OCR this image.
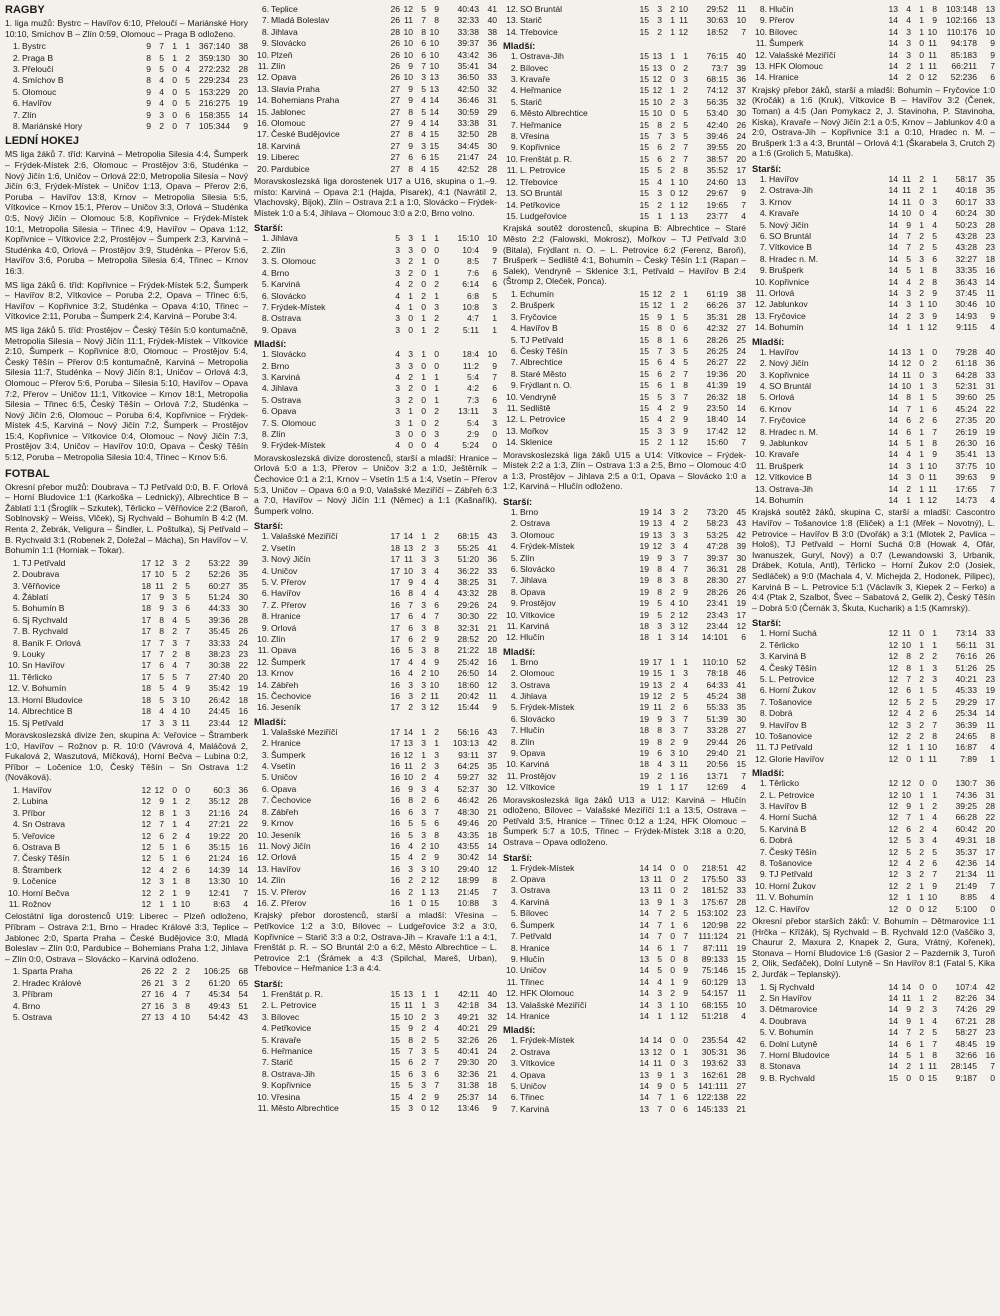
RAGBY
1. liga mužů: Bystrc – Havířov 6:10, Přeloučí – Mariánské Hory 10:10, Smíchov B – Zlín 0:59, Olomouc – Praga B odloženo.
1.	Bystrc	9	7	1	1	367:140	38
2.	Praga B	8	5	1	2	359:130	30
3.	Přeloučí	9	5	0	4	272:232	28
4.	Smíchov B	8	4	0	5	229:234	23
5.	Olomouc	9	4	0	5	153:229	20
6.	Havířov	9	4	0	5	216:275	19
7.	Zlín	9	3	0	6	158:355	14
8.	Mariánské Hory	9	2	0	7	105:344	9
LEDNÍ HOKEJ
MS liga žáků 7. tříd: Karviná – Metropolia Silesia 4:4, Šumperk – Frýdek-Místek 2:6, Olomouc – Prostějov 3:6, Studénka – Nový Jičín 1:6, Uničov – Orlová 22:0, Metropolia Silesia – Nový Jičín 6:3, Frýdek-Místek – Uničov 1:13, Opava – Přerov 2:6, Poruba – Havířov 13:8, Krnov – Metropolia Silesia 5:5, Vítkovice – Krnov 15:1, Přerov – Uničov 3:3, Orlová – Studénka 0:5, Nový Jičín – Olomouc 5:8, Kopřivnice – Frýdek-Místek 10:1, Metropolia Silesia – Třinec 4:9, Havířov – Opava 1:12, Kopřivnice – Vítkovice 2:2, Prostějov – Šumperk 2:3, Karviná – Studénka 4:0, Orlová – Prostějov 3:9, Studénka – Přerov 5:6, Havířov 3:6, Poruba – Metropolia Silesia 6:4, Třinec – Krnov 16:3.
MS liga žáků 6. tříd: Kopřivnice – Frýdek-Místek 5:2, Šumperk – Havířov 8:2, Vítkovice – Poruba 2:2, Opava – Třinec 6:5, Havířov – Kopřivnice 3:2, Studénka – Opava 4:10, Třinec – Vítkovice 2:11, Poruba – Šumperk 2:4, Karviná – Porube 3:4.
MS liga žáků 5. tříd: Prostějov – Český Těšín 5:0 kontumačně, Metropolia Silesia – Nový Jičín 11:1, Frýdek-Místek – Vítkovice 2:10, Šumperk – Kopřivnice 8:0, Olomouc – Prostějov 5:4, Český Těšín – Přerov 0:5 kontumačně, Karviná – Metropolia Silesia 11:7, Studénka – Nový Jičín 8:1, Uničov – Orlová 4:3, Olomouc – Přerov 5:6, Poruba – Silesia 5:10, Havířov – Opava 7:2, Přerov – Uničov 11:1, Vítkovice – Krnov 18:1, Metropolia Silesia – Třinec 6:5, Český Těšín – Orlová 7:2, Studénka – Nový Jičín 2:6, Olomouc – Poruba 6:4, Kopřivnice – Frýdek-Místek 4:5, Karviná – Nový Jičín 7:2, Šumperk – Prostějov 15:4, Kopřivnice – Vítkovice 0:4, Olomouc – Nový Jičín 7:3, Prostějov 3:4, Uničov – Havířov 10:0, Opava – Český Těšín 5:12, Poruba – Metropolia Silesia 10:4, Třinec – Krnov 5:6.
FOTBAL
Okresní přebor mužů: Doubrava – TJ Petřvald 0:0, B. F. Orlová – Horní Bludovice 1:1 (Karkoška – Lednický), Albrechtice B – Žáblatí 1:1 (Šroglík – Szkutek), Těrlicko – Věřňovice 2:2 (Baroň, Soblnovský – Weiss, Vlček), Sj Rychvald – Bohumín B 4:2 (M. Renta 2, Žebrák, Veligura – Šindler, L. Poštulka), Sj Petřvald – B. Rychvald 3:1 (Robenek 2, Doležal – Mácha), Sn Havířov – V. Bohumín 1:1 (Horniak – Tokar).
1.	TJ Petřvald	17	12	3	2	53:22	39
2.	Doubrava	17	10	5	2	52:26	35
3.	Věřňovice	18	11	2	5	60:27	35
4.	Žáblatí	17	9	3	5	51:24	30
5.	Bohumín B	18	9	3	6	44:33	30
6.	Sj Rychvald	17	8	4	5	39:36	28
7.	B. Rychvald	17	8	2	7	35:45	26
8.	Baník F. Orlová	17	7	3	7	33:33	24
9.	Louky	17	7	2	8	38:23	23
10.	Sn Havířov	17	6	4	7	30:38	22
11.	Těrlicko	17	5	5	7	27:40	20
12.	V. Bohumín	18	5	4	9	35:42	19
13.	Horní Bludovice	18	5	3	10	26:42	18
14.	Albrechtice B	18	4	4	10	24:45	16
15.	Sj Petřvald	17	3	3	11	23:44	12
Moravskoslezská divize žen, skupina A: Veřovice – Štramberk 1:0, Havířov – Rožnov p. R. 10:0 (Vávrová 4, Maláčová 2, Fukalová 2, Waszutová, Míčková), Horní Bečva – Lubina 0:2, Příbor – Ločenice 1:0, Český Těšín – Sn Ostrava 1:2 (Nováková).
1.	Havířov	12	12	0	0	60:3	36
2.	Lubina	12	9	1	2	35:12	28
3.	Příbor	12	8	1	3	21:16	24
4.	Sn Ostrava	12	7	1	4	27:21	22
5.	Veřovice	12	6	2	4	19:22	20
6.	Ostrava B	12	5	1	6	35:15	16
7.	Český Těšín	12	5	1	6	21:24	16
8.	Štramberk	12	4	2	6	14:39	14
9.	Ločenice	12	3	1	8	13:30	10
10.	Horní Bečva	12	2	1	9	12:41	7
11.	Rožnov	12	1	1	10	8:63	4
Celostátní liga dorostenců U19: Liberec – Plzeň odloženo, Příbram – Ostrava 2:1, Brno – Hradec Králové 3:3, Teplice – Jablonec 2:0, Sparta Praha – České Budějovice 3:0, Mladá Boleslav – Zlín 0:0, Pardubice – Bohemians Praha 1:2, Jihlava – Zlín 0:0, Ostrava – Slovácko – Karviná odloženo.
1.	Sparta Praha	26	22	2	2	106:25	68
2.	Hradec Králové	26	21	3	2	61:20	65
3.	Příbram	27	16	4	7	45:34	54
4.	Brno	27	16	3	8	49:43	51
5.	Ostrava	27	13	4	10	54:42	43
6.	Teplice	26	12	5	9	40:43	41
7.	Mladá Boleslav	26	11	7	8	32:33	40
8.	Jihlava	28	10	8	10	33:38	38
9.	Slovácko	26	10	6	10	39:37	36
10.	Plzeň	26	10	6	10	43:42	36
11.	Zlín	26	9	7	10	35:41	34
12.	Opava	26	10	3	13	36:50	33
13.	Slavia Praha	27	9	5	13	42:50	32
14.	Bohemians Praha	27	9	4	14	36:46	31
15.	Jablonec	27	8	5	14	30:59	29
16.	Olomouc	27	9	4	14	33:38	31
17.	České Budějovice	27	8	4	15	32:50	28
18.	Karviná	27	9	3	15	34:45	30
19.	Liberec	27	6	6	15	21:47	24
20.	Pardubice	27	8	4	15	42:52	28
Moravskoslezská liga dorostenek U17 a U16, skupina o 1.–9. místo: Karviná – Opava 2:1 (Hajda, Pisarek), 4:1 (Navrátil 2, Vlachovský, Bijok), Zlín – Ostrava 2:1 a 1:0, Slovácko – Frýdek-Místek 1:0 a 5:4, Jihlava – Olomouc 3:0 a 2:0, Brno volno.
Starší:
1.	Jihlava	5	3	1	1	15:10	10
2.	Zlín	3	3	0	0	10:4	9
3.	S. Olomouc	3	2	1	0	8:5	7
4.	Brno	3	2	0	1	7:6	6
5.	Karviná	4	2	0	2	6:14	6
6.	Slovácko	4	1	2	1	6:8	5
7.	Frýdek-Místek	4	1	0	3	10:8	3
8.	Ostrava	3	0	1	2	4:7	1
9.	Opava	3	0	1	2	5:11	1
Mladší:
1.	Slovácko	4	3	1	0	18:4	10
2.	Brno	3	3	0	0	11:2	9
3.	Karviná	4	2	1	1	5:4	7
4.	Jihlava	3	2	0	1	4:2	6
5.	Ostrava	3	2	0	1	7:3	6
6.	Opava	3	1	0	2	13:11	3
7.	S. Olomouc	3	1	0	2	5:4	3
8.	Zlín	3	0	0	3	2:9	0
9.	Frýdek-Místek	4	0	0	4	5:24	0
Moravskoslezská divize dorostenců, starší a mladší: Hranice – Orlová 5:0 a 1:3, Přerov – Uničov 3:2 a 1:0, Ještěrník – Čechovice 0:1 a 2:1, Krnov – Vsetín 1:5 a 1:4, Vsetín – Přerov 5:3, Uničov – Opava 6:0 a 9:0, Valašské Meziříčí – Zábřeh 6:3 a 7:0, Havířov – Nový Jičín 1:1 (Němec) a 1:1 (Kašnařík), Šumperk volno.
Starší:
1.	Valašské Meziříčí	17	14	1	2	68:15	43
2.	Vsetín	18	13	2	3	55:25	41
3.	Nový Jičín	17	11	3	3	51:20	36
4.	Uničov	17	10	3	4	36:22	33
5.	V. Přerov	17	9	4	4	38:25	31
6.	Havířov	16	8	4	4	43:32	28
7.	Z. Přerov	16	7	3	6	29:26	24
8.	Hranice	17	6	4	7	30:30	22
9.	Orlová	17	6	3	8	32:31	21
10.	Zlín	17	6	2	9	28:52	20
11.	Opava	16	5	3	8	21:22	18
12.	Šumperk	17	4	4	9	25:42	16
13.	Krnov	16	4	2	10	26:50	14
14.	Zábřeh	16	3	3	10	18:60	12
15.	Čechovice	16	3	2	11	20:42	11
16.	Jeseník	17	2	3	12	15:44	9
Mladší:
1.	Valašské Meziříčí	17	14	1	2	56:16	43
2.	Hranice	17	13	3	1	103:13	42
3.	Šumperk	16	12	1	3	93:11	37
4.	Vsetín	16	11	2	3	64:25	35
5.	Uničov	16	10	2	4	59:27	32
6.	Opava	16	9	3	4	52:37	30
7.	Čechovice	16	8	2	6	46:42	26
8.	Zábřeh	16	6	3	7	48:30	21
9.	Krnov	16	5	5	6	49:46	20
10.	Jeseník	16	5	3	8	43:35	18
11.	Nový Jičín	16	4	2	10	43:55	14
12.	Orlová	15	4	2	9	30:42	14
13.	Havířov	16	3	3	10	29:40	12
14.	Zlín	16	2	2	12	18:99	8
15.	V. Přerov	16	2	1	13	21:45	7
16.	Z. Přerov	16	1	0	15	10:88	3
Krajský přebor dorostenců, starší a mladší: Vřesina – Petřkovice 1:2 a 3:0, Bílovec – Ludgeřovice 3:2 a 3:0, Kopřivnice – Starič 3:3 a 0:2, Ostrava-Jih – Kravaře 1:1 a 4:1, Frenštát p. R. – SO Bruntál 2:0 a 6:2, Město Albrechtice – L. Petrovice 2:1 (Šrámek a 4:3 (Spilchal, Mareš, Urban), Třebovice – Heřmanice 1:3 a 4:4.
Starší:
1.	Frenštát p. R.	15	13	1	1	42:11	40
2.	L. Petrovice	15	11	1	3	42:18	34
3.	Bílovec	15	10	2	3	49:21	32
4.	Petřkovice	15	9	2	4	40:21	29
5.	Kravaře	15	8	2	5	32:26	26
6.	Heřmanice	15	7	3	5	40:41	24
7.	Starič	15	6	2	7	29:30	20
8.	Ostrava-Jih	15	6	3	6	32:36	21
9.	Kopřivnice	15	5	3	7	31:38	18
10.	Vřesina	15	4	2	9	25:37	14
11.	Město Albrechtice	15	3	0	12	13:46	9
12.	SO Bruntál	15	3	2	10	29:52	11
13.	Starič	15	3	1	11	30:63	10
14.	Třebovice	15	2	1	12	18:52	7
Mladší:
1.	Ostrava-Jih	15	13	1	1	76:15	40
2.	Bílovec	15	13	0	2	73:7	39
3.	Kravaře	15	12	0	3	68:15	36
4.	Heřmanice	15	12	1	2	74:12	37
5.	Starič	15	10	2	3	56:35	32
6.	Město Albrechtice	15	10	0	5	53:40	30
7.	Heřmanice	15	8	2	5	42:40	26
8.	Vřesina	15	7	3	5	39:46	24
9.	Kopřivnice	15	6	2	7	39:55	20
10.	Frenštát p. R.	15	6	2	7	38:57	20
11.	L. Petrovice	15	5	2	8	35:52	17
12.	Třebovice	15	4	1	10	24:60	13
13.	SO Bruntál	15	3	0	12	29:67	9
14.	Petřkovice	15	2	1	12	19:65	7
15.	Ludgeřovice	15	1	1	13	23:77	4
Krajská soutěž dorostenců, skupina B: Albrechtice – Staré Město 2:2 (Falowski, Mokrosz), Mořkov – TJ Petřvald 3:0 (Bitala), Frýdlant n. O. – L. Petrovice 6:2 (Ferenz, Baroň), Brušperk – Sedliště 4:1, Bohumín – Český Těšín 1:1 (Rapan – Salek), Vendryně – Sklenice 3:1, Petřvald – Havířov B 2:4 (Štromp 2, Oleček, Ponca).
1.	Echumín	15	12	2	1	61:19	38
2.	Brušperk	15	12	1	2	66:26	37
3.	Fryčovice	15	9	1	5	35:31	28
4.	Havířov B	15	8	0	6	42:32	27
5.	TJ Petřvald	15	8	1	6	28:26	25
6.	Český Těšín	15	7	3	5	26:25	24
7.	Albrechtice	15	6	4	5	26:27	22
8.	Staré Město	15	6	2	7	19:36	20
9.	Frýdlant n. O.	15	6	1	8	41:39	19
10.	Vendryně	15	5	3	7	26:32	18
11.	Sedliště	15	4	2	9	23:50	14
12.	L. Petrovice	15	4	2	9	18:40	14
13.	Mořkov	15	3	3	9	17:42	12
14.	Sklenice	15	2	1	12	15:60	7
Moravskoslezská liga žáků U15 a U14: Vítkovice – Frýdek-Místek 2:2 a 1:3, Zlín – Ostrava 1:3 a 2:5, Brno – Olomouc 4:0 a 1:3, Prostějov – Jihlava 2:5 a 0:1, Opava – Slovácko 1:0 a 1:2, Karviná – Hlučín odloženo.
Starší:
1.	Brno	19	14	3	2	73:20	45
2.	Ostrava	19	13	4	2	58:23	43
3.	Olomouc	19	13	3	3	53:25	42
4.	Frýdek-Místek	19	12	3	4	47:28	39
5.	Zlín	19	9	3	7	39:37	30
6.	Slovácko	19	8	4	7	36:31	28
7.	Jihlava	19	8	3	8	28:30	27
8.	Opava	19	8	2	9	28:26	26
9.	Prostějov	19	5	4	10	23:41	19
10.	Vítkovice	19	5	2	12	23:43	17
11.	Karviná	18	3	3	12	23:44	12
12.	Hlučín	18	1	3	14	14:101	6
Mladší:
1.	Brno	19	17	1	1	110:10	52
2.	Olomouc	19	15	1	3	78:18	46
3.	Ostrava	19	13	2	4	64:33	41
4.	Jihlava	19	12	2	5	45:24	38
5.	Frýdek-Místek	19	11	2	6	55:33	35
6.	Slovácko	19	9	3	7	51:39	30
7.	Hlučín	18	8	3	7	33:28	27
8.	Zlín	19	8	2	9	29:44	26
9.	Opava	19	6	3	10	29:40	21
10.	Karviná	18	4	3	11	20:56	15
11.	Prostějov	19	2	1	16	13:71	7
12.	Vítkovice	19	1	1	17	12:69	4
Moravskoslezská liga žáků U13 a U12: Karviná – Hlučín odloženo, Bílovec – Valašské Meziříčí 1:1 a 13:5, Ostrava – Petřvald 3:5, Hranice – Třinec 0:12 a 1:24, HFK Olomouc – Šumperk 5:7 a 10:5, Třinec – Frýdek-Místek 3:18 a 0:20, Ostrava – Opava odloženo.
Starší:
1.	Frýdek-Místek	14	14	0	0	218:51	42
2.	Opava	13	11	0	2	175:50	33
3.	Ostrava	13	11	0	2	181:52	33
4.	Karviná	13	9	1	3	175:67	28
5.	Bílovec	14	7	2	5	153:102	23
6.	Šumperk	14	7	1	6	120:98	22
7.	Petřvald	14	7	0	7	111:124	21
8.	Hranice	14	6	1	7	87:111	19
9.	Hlučín	13	5	0	8	89:133	15
10.	Uničov	14	5	0	9	75:146	15
11.	Třinec	14	4	1	9	60:129	13
12.	HFK Olomouc	14	3	2	9	54:157	11
13.	Valašské Meziříčí	14	3	1	10	68:155	10
14.	Hranice	14	1	1	12	51:218	4
Mladší:
1.	Frýdek-Místek	14	14	0	0	235:54	42
2.	Ostrava	13	12	0	1	305:31	36
3.	Vítkovice	14	11	0	3	193:62	33
4.	Opava	13	9	1	3	162:61	28
5.	Uničov	14	9	0	5	141:111	27
6.	Třinec	14	7	1	6	122:138	22
7.	Karviná	13	7	0	6	145:133	21
8.	Hlučín	13	4	1	8	103:148	13
9.	Přerov	14	4	1	9	102:166	13
10.	Bílovec	14	3	1	10	110:176	10
11.	Šumperk	14	3	0	11	94:178	9
12.	Valašské Meziříčí	14	3	0	11	85:183	9
13.	HFK Olomouc	14	2	1	11	66:211	7
14.	Hranice	14	2	0	12	52:236	6
Krajský přebor žáků, starší a mladší: Bohumín – Fryčovice 1:0 (Kročák) a 1:6 (Kruk), Vítkovice B – Havířov 3:2 (Čenek, Toman) a 4:5 (Jan Pomykacz 2, J. Stavinoha, P. Stavinoha, Kiska), Kravaře – Nový Jičín 2:1 a 0:5, Krnov – Jablunkov 4:0 a 2:0, Ostrava-Jih – Kopřivnice 3:1 a 0:10, Hradec n. M. – Brušperk 1:3 a 4:3, Bruntál – Orlová 4:1 (Škarabela 3, Crutch 2) a 1:6 (Grolich 5, Matuška).
Starší:
1.	Havířov	14	11	2	1	58:17	35
2.	Ostrava-Jih	14	11	2	1	40:18	35
3.	Krnov	14	11	0	3	60:17	33
4.	Kravaře	14	10	0	4	60:24	30
5.	Nový Jičín	14	9	1	4	50:23	28
6.	SO Bruntál	14	7	2	5	43:28	23
7.	Vítkovice B	14	7	2	5	43:28	23
8.	Hradec n. M.	14	5	3	6	32:27	18
9.	Brušperk	14	5	1	8	33:35	16
10.	Kopřivnice	14	4	2	8	36:43	14
11.	Orlová	14	3	2	9	37:45	11
12.	Jablunkov	14	3	1	10	30:46	10
13.	Fryčovice	14	2	3	9	14:93	9
14.	Bohumín	14	1	1	12	9:115	4
Mladší:
1.	Havířov	14	13	1	0	79:28	40
2.	Nový Jičín	14	12	0	2	61:18	36
3.	Kopřivnice	14	11	0	3	64:28	33
4.	SO Bruntál	14	10	1	3	52:31	31
5.	Orlová	14	8	1	5	39:60	25
6.	Krnov	14	7	1	6	45:24	22
7.	Fryčovice	14	6	2	6	27:35	20
8.	Hradec n. M.	14	6	1	7	26:19	19
9.	Jablunkov	14	5	1	8	26:30	16
10.	Kravaře	14	4	1	9	35:41	13
11.	Brušperk	14	3	1	10	37:75	10
12.	Vítkovice B	14	3	0	11	39:63	9
13.	Ostrava-Jih	14	2	1	11	17:65	7
14.	Bohumín	14	1	1	12	14:73	4
Krajská soutěž žáků, skupina C, starší a mladší: Cascontro Havířov – Tošanovice 1:8 (Eliček) a 1:1 (Mřek – Novotný), L. Petrovice – Havířov B 3:0 (Dvořák) a 3:1 (Mlotek 2, Pavlica – Hološ), TJ Petřvald – Horní Suchá 0:8 (Howak 4, Ofár, Iwanuszek, Guryl, Nový) a 0:7 (Lewandowski 3, Urbanik, Drábek, Kotula, Antl), Těrlicko – Horní Žukov 2:0 (Josiek, Sedláček) a 9:0 (Machala 4, V. Michejda 2, Hodonek, Pilipec), Karviná B – L. Petrovice 5:1 (Václavík 3, Kiepek 2 – Ferko) a 4:4 (Ptak 2, Szalbot, Švec – Sabatová 2, Gelik 2), Český Těšín – Dobrá 5:0 (Černák 3, Škuta, Kucharik) a 1:5 (Kamrský).
Starší:
1.	Horní Suchá	12	11	0	1	73:14	33
2.	Těrlicko	12	10	1	1	56:11	31
3.	Karviná B	12	8	2	2	76:16	26
4.	Český Těšín	12	8	1	3	51:26	25
5.	L. Petrovice	12	7	2	3	40:21	23
6.	Horní Žukov	12	6	1	5	45:33	19
7.	Tošanovice	12	5	2	5	29:29	17
8.	Dobrá	12	4	2	6	25:34	14
9.	Havířov B	12	3	2	7	36:39	11
10.	Tošanovice	12	2	2	8	24:65	8
11.	TJ Petřvald	12	1	1	10	16:87	4
12.	Glorie Havířov	12	0	1	11	7:89	1
Mladší:
1.	Těrlicko	12	12	0	0	130:7	36
2.	L. Petrovice	12	10	1	1	74:36	31
3.	Havířov B	12	9	1	2	39:25	28
4.	Horní Suchá	12	7	1	4	66:28	22
5.	Karviná B	12	6	2	4	60:42	20
6.	Dobrá	12	5	3	4	49:31	18
7.	Český Těšín	12	5	2	5	35:37	17
8.	Tošanovice	12	4	2	6	42:36	14
9.	TJ Petřvald	12	3	2	7	21:34	11
10.	Horní Žukov	12	2	1	9	21:49	7
11.	V. Bohumín	12	1	1	10	8:85	4
12.	C. Havířov	12	0	0	12	5:100	0
Okresní přebor starších žáků: V. Bohumín – Dětmarovice 1:1 (Hrčka – Křížák), Sj Rychvald – B. Rychvald 12:0 (Vaščiko 3, Chaurur 2, Maxura 2, Knapek 2, Gura, Vrátný, Kořenek), Stonava – Horní Bludovice 1:6 (Gasior 2 – Pazdernik 3, Turoň 2, Olik, Seďáček), Dolní Lutyně – Sn Havířov 8:1 (Fatal 5, Kika 2, Jurďák – Teplanský).
1.	Sj Rychvald	14	14	0	0	107:4	42
2.	Sn Havířov	14	11	1	2	82:26	34
3.	Dětmarovice	14	9	2	3	74:26	29
4.	Doubrava	14	9	1	4	67:21	28
5.	V. Bohumín	14	7	2	5	58:27	23
6.	Dolní Lutyně	14	6	1	7	48:45	19
7.	Horní Bludovice	14	5	1	8	32:66	16
8.	Stonava	14	2	1	11	28:145	7
9.	B. Rychvald	15	0	0	15	9:187	0
